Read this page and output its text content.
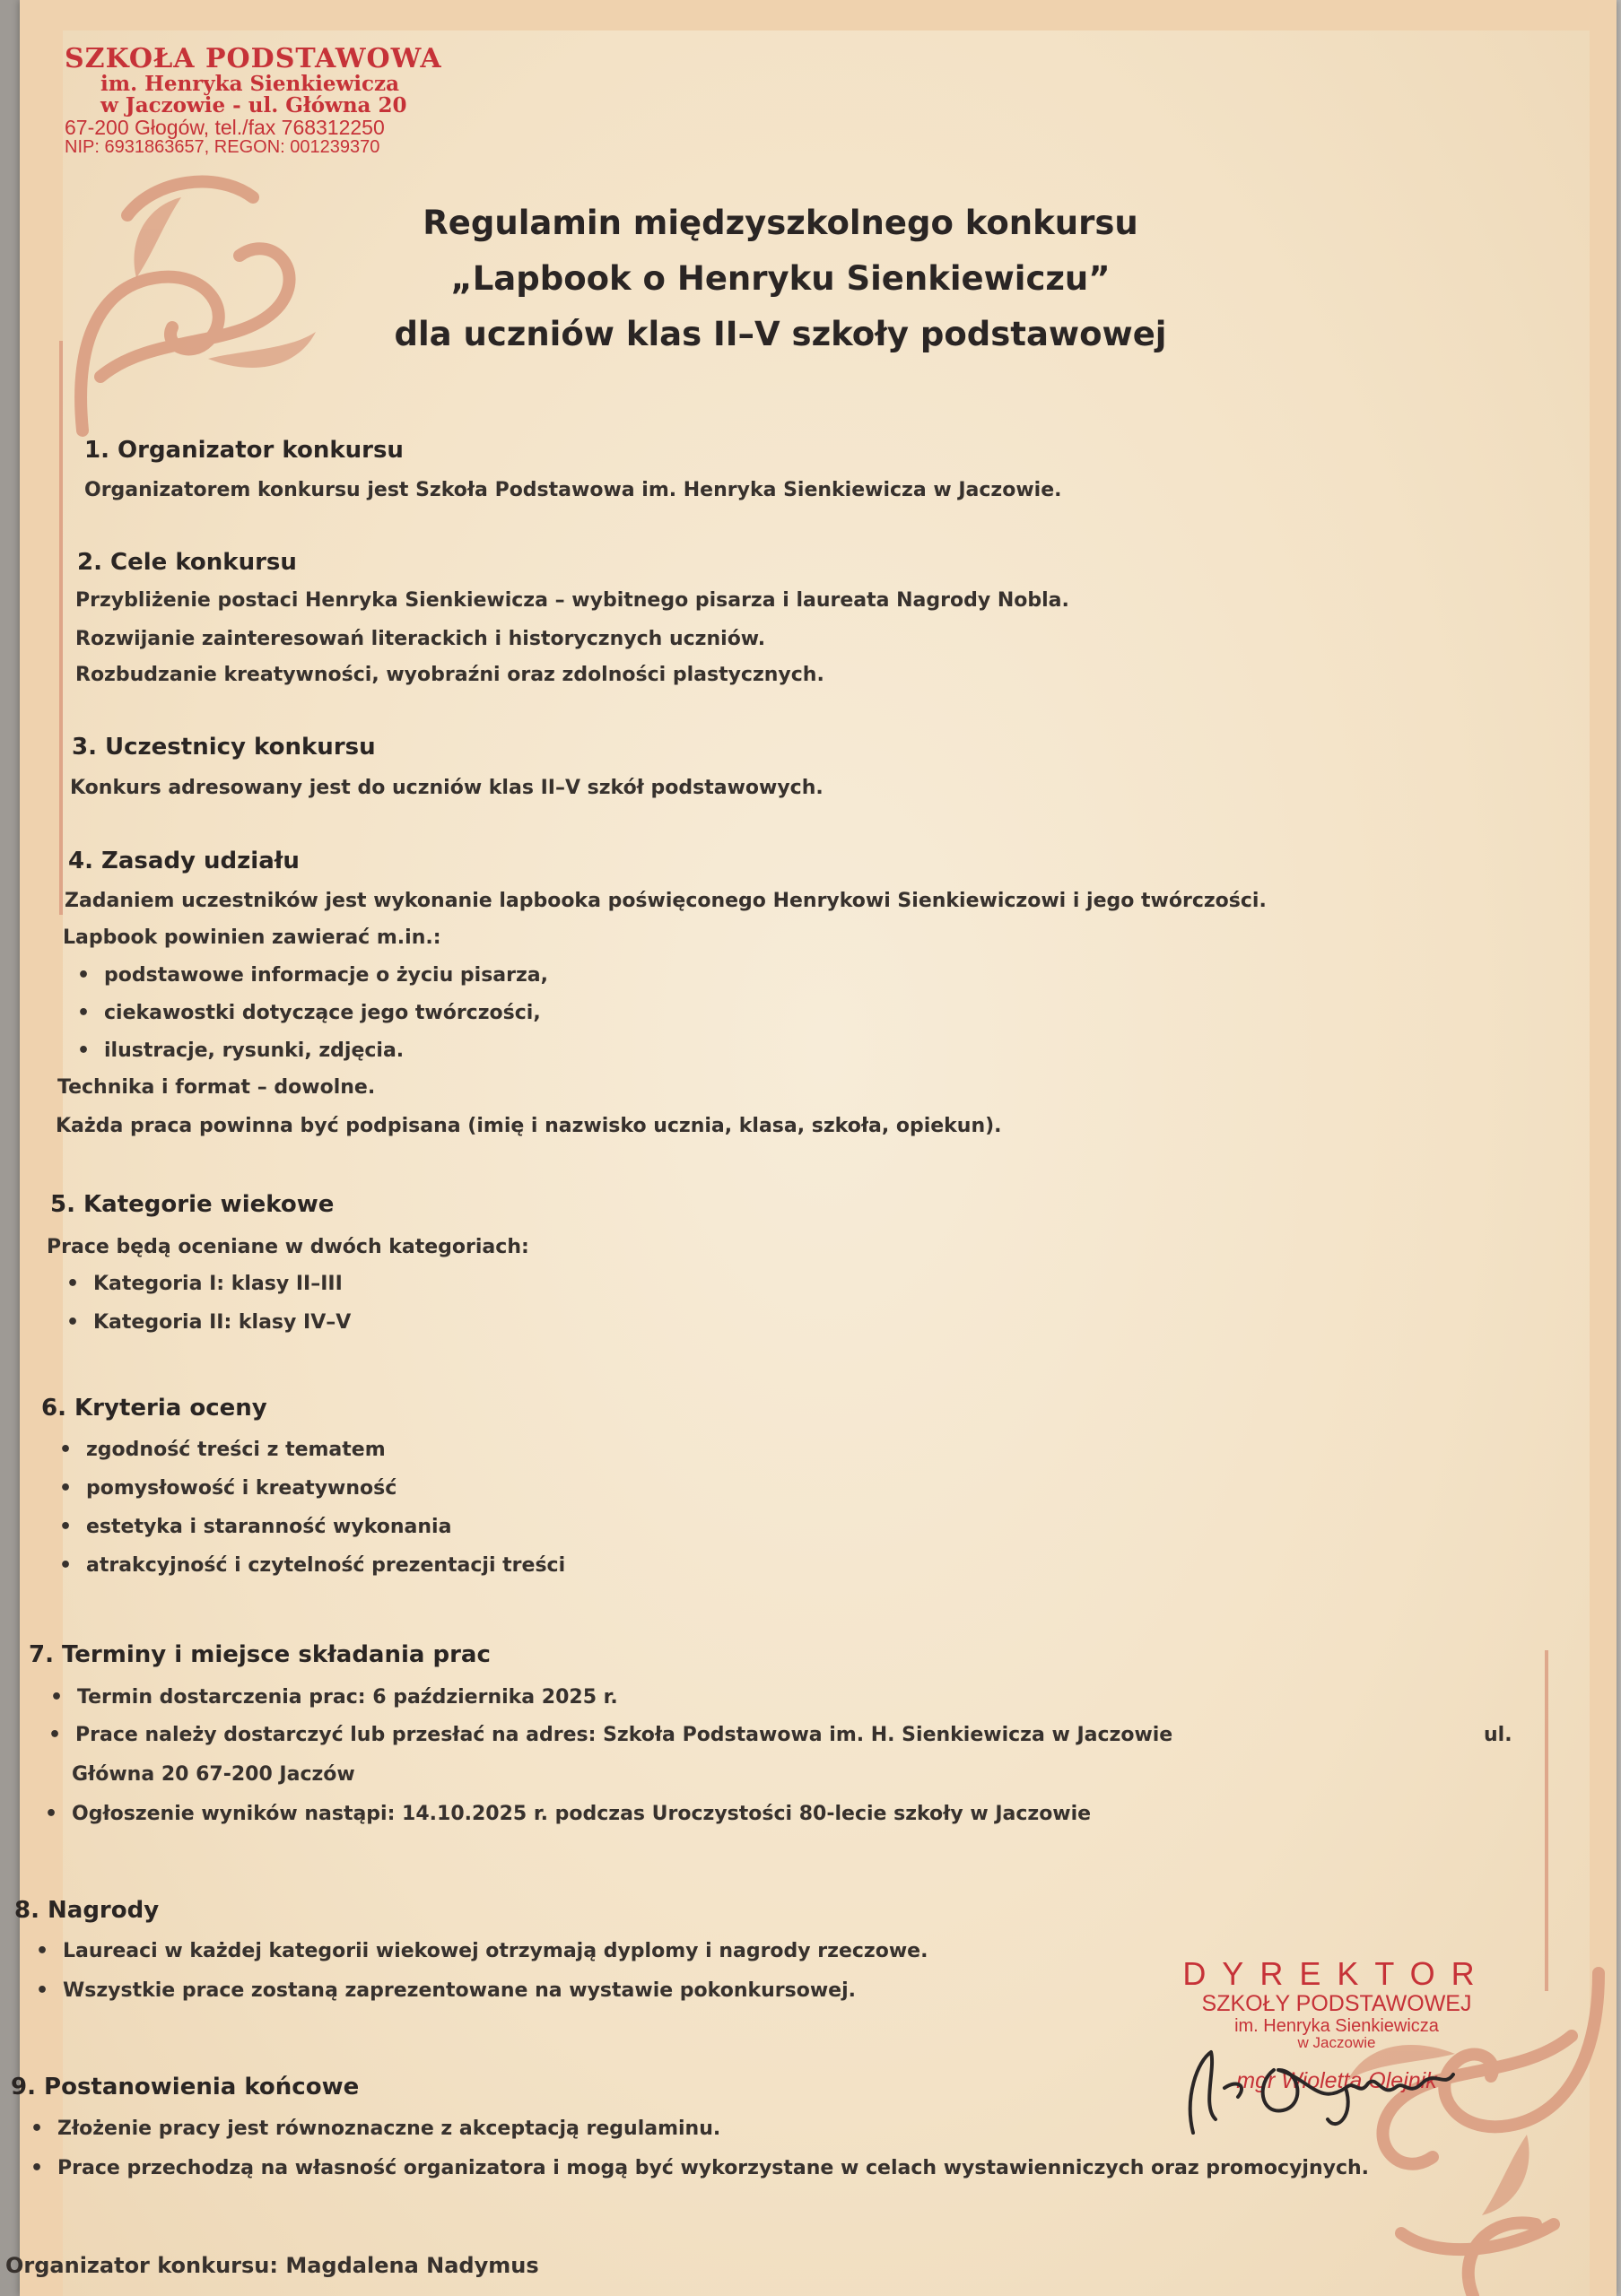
SZKOŁA PODSTAWOWA
im. Henryka Sienkiewicza
w Jaczowie - ul. Główna 20
67-200 Głogów, tel./fax 768312250
NIP: 6931863657, REGON: 001239370
Regulamin międzyszkolnego konkursu
„Lapbook o Henryku Sienkiewiczu”
dla uczniów klas II–V szkoły podstawowej
1. Organizator konkursu
Organizatorem konkursu jest Szkoła Podstawowa im. Henryka Sienkiewicza w Jaczowie.
2. Cele konkursu
Przybliżenie postaci Henryka Sienkiewicza – wybitnego pisarza i laureata Nagrody Nobla.
Rozwijanie zainteresowań literackich i historycznych uczniów.
Rozbudzanie kreatywności, wyobraźni oraz zdolności plastycznych.
3. Uczestnicy konkursu
Konkurs adresowany jest do uczniów klas II–V szkół podstawowych.
4. Zasady udziału
Zadaniem uczestników jest wykonanie lapbooka poświęconego Henrykowi Sienkiewiczowi i jego twórczości.
Lapbook powinien zawierać m.in.:
• podstawowe informacje o życiu pisarza,
• ciekawostki dotyczące jego twórczości,
• ilustracje, rysunki, zdjęcia.
Technika i format – dowolne.
Każda praca powinna być podpisana (imię i nazwisko ucznia, klasa, szkoła, opiekun).
5. Kategorie wiekowe
Prace będą oceniane w dwóch kategoriach:
• Kategoria I: klasy II–III
• Kategoria II: klasy IV–V
6. Kryteria oceny
• zgodność treści z tematem
• pomysłowość i kreatywność
• estetyka i staranność wykonania
• atrakcyjność i czytelność prezentacji treści
7. Terminy i miejsce składania prac
• Termin dostarczenia prac: 6 października 2025 r.
• Prace należy dostarczyć lub przesłać na adres: Szkoła Podstawowa im. H. Sienkiewicza w Jaczowie	ul.
Główna 20 67-200 Jaczów
• Ogłoszenie wyników nastąpi: 14.10.2025 r. podczas Uroczystości 80-lecie szkoły w Jaczowie
8. Nagrody
• Laureaci w każdej kategorii wiekowej otrzymają dyplomy i nagrody rzeczowe.
• Wszystkie prace zostaną zaprezentowane na wystawie pokonkursowej.
9. Postanowienia końcowe
• Złożenie pracy jest równoznaczne z akceptacją regulaminu.
• Prace przechodzą na własność organizatora i mogą być wykorzystane w celach wystawienniczych oraz promocyjnych.
Organizator konkursu: Magdalena Nadymus
DYREKTOR
SZKOŁY PODSTAWOWEJ
im. Henryka Sienkiewicza
w Jaczowie
mgr Wioletta Olejnik
